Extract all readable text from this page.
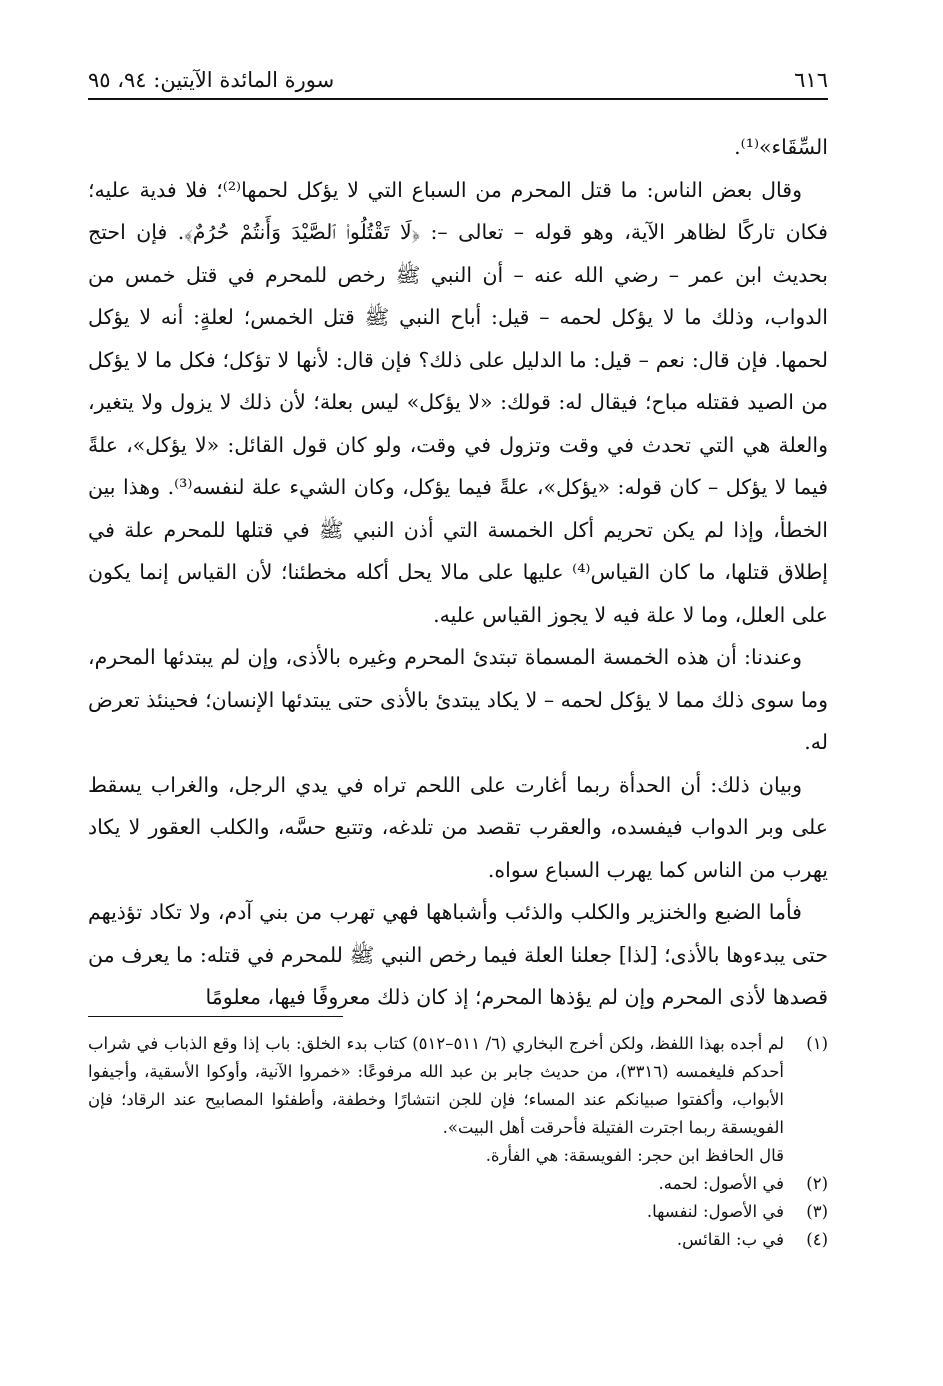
٦١٦
سورة المائدة الآيتين: ٩٤، ٩٥

السِّقَاء»⁽¹⁾.

وقال بعض الناس: ما قتل المحرم من السباع التي لا يؤكل لحمها⁽²⁾؛ فلا فدية عليه؛ فكان تاركًا لظاهر الآية، وهو قوله – تعالى –: ﴿لَا تَقْتُلُوا۟ ٱلصَّيْدَ وَأَنتُمْ حُرُمٌ﴾. فإن احتج بحديث ابن عمر – رضي الله عنه – أن النبي ﷺ رخص للمحرم في قتل خمس من الدواب، وذلك ما لا يؤكل لحمه – قيل: أباح النبي ﷺ قتل الخمس؛ لعلةٍ: أنه لا يؤكل لحمها. فإن قال: نعم – قيل: ما الدليل على ذلك؟ فإن قال: لأنها لا تؤكل؛ فكل ما لا يؤكل من الصيد فقتله مباح؛ فيقال له: قولك: «لا يؤكل» ليس بعلة؛ لأن ذلك لا يزول ولا يتغير، والعلة هي التي تحدث في وقت وتزول في وقت، ولو كان قول القائل: «لا يؤكل»، علةً فيما لا يؤكل – كان قوله: «يؤكل»، علةً فيما يؤكل، وكان الشيء علة لنفسه⁽³⁾. وهذا بين الخطأ، وإذا لم يكن تحريم أكل الخمسة التي أذن النبي ﷺ في قتلها للمحرم علة في إطلاق قتلها، ما كان القياس⁽⁴⁾ عليها على مالا يحل أكله مخطئنا؛ لأن القياس إنما يكون على العلل، وما لا علة فيه لا يجوز القياس عليه.

وعندنا: أن هذه الخمسة المسماة تبتدئ المحرم وغيره بالأذى، وإن لم يبتدئها المحرم، وما سوى ذلك مما لا يؤكل لحمه – لا يكاد يبتدئ بالأذى حتى يبتدئها الإنسان؛ فحينئذ تعرض له.

وبيان ذلك: أن الحدأة ربما أغارت على اللحم تراه في يدي الرجل، والغراب يسقط على وبر الدواب فيفسده، والعقرب تقصد من تلدغه، وتتبع حسَّه، والكلب العقور لا يكاد يهرب من الناس كما يهرب السباع سواه.

فأما الضبع والخنزير والكلب والذئب وأشباهها فهي تهرب من بني آدم، ولا تكاد تؤذيهم حتى يبدءوها بالأذى؛ [لذا] جعلنا العلة فيما رخص النبي ﷺ للمحرم في قتله: ما يعرف من قصدها لأذى المحرم وإن لم يؤذها المحرم؛ إذ كان ذلك معروفًا فيها، معلومًا

(١)
لم أجده بهذا اللفظ، ولكن أخرج البخاري (٦/ ٥١١–٥١٢) كتاب بدء الخلق: باب إذا وقع الذباب في شراب أحدكم فليغمسه (٣٣١٦)، من حديث جابر بن عبد الله مرفوعًا: «خمروا الآنية، وأوكوا الأسقية، وأجيفوا الأبواب، وأكفتوا صبيانكم عند المساء؛ فإن للجن انتشارًا وخطفة، وأطفئوا المصابيح عند الرقاد؛ فإن الفويسقة ربما اجترت الفتيلة فأحرقت أهل البيت».
قال الحافظ ابن حجر: الفويسقة: هي الفأرة.
(٢)
في الأصول: لحمه.
(٣)
في الأصول: لنفسها.
(٤)
في ب: القائس.
